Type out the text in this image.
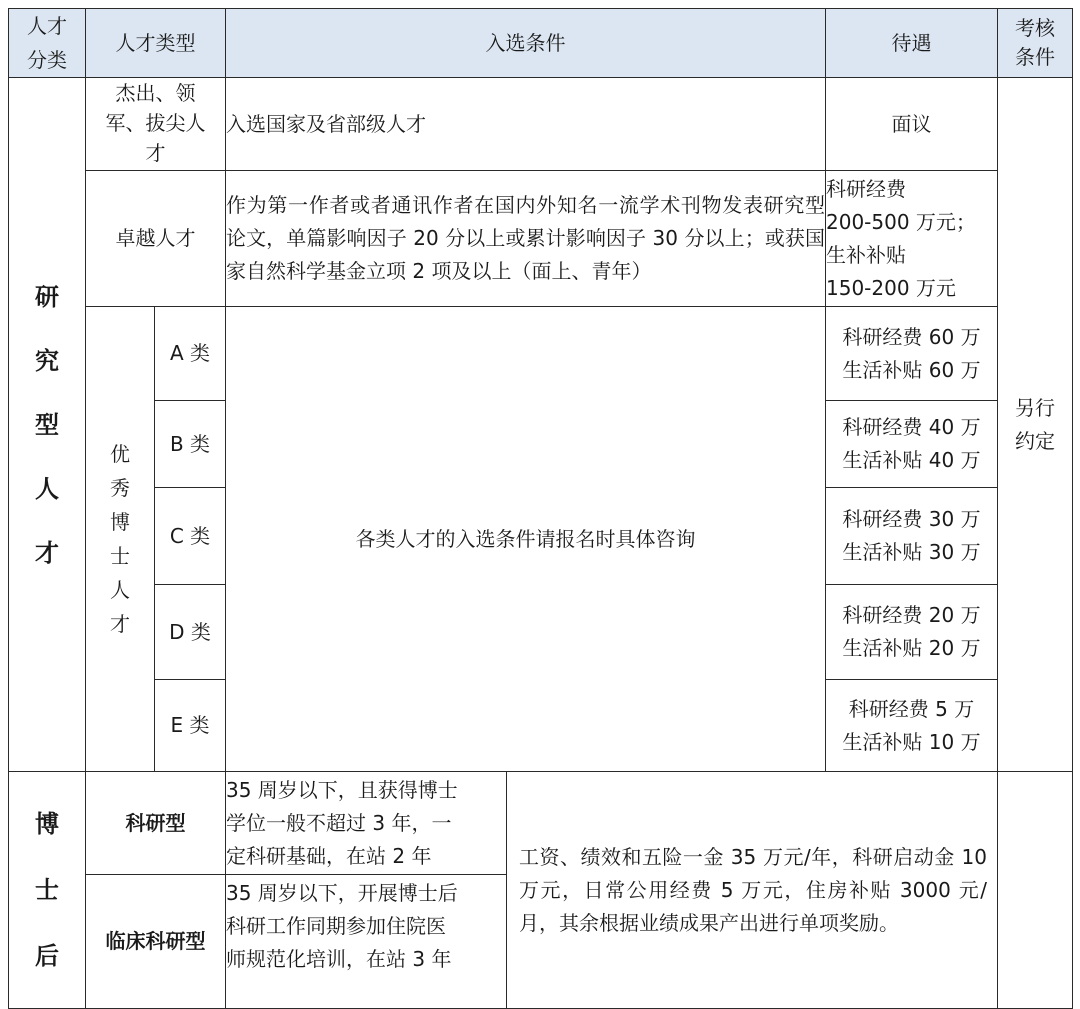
人才分类	人才类型		入选条件		待遇	考核条件
研究型人才	杰出、领军、拔尖人才		入选国家及省部级人才		面议	另行约定
	卓越人才		作为第一作者或者通讯作者在国内外知名一流学术刊物发表研究型论文，单篇影响因子 20 分以上或累计影响因子 30 分以上；或获国家自然科学基金立项 2 项及以上（面上、青年）		科研经费
200-500 万元；
生补补贴
150-200 万元	

	优秀博士人才	A 类	各类人才的入选条件请报名时具体咨询		科研经费 60 万
生活补贴 60 万	

		B 类			科研经费 40 万
生活补贴 40 万	

		C 类			科研经费 30 万
生活补贴 30 万	

		D 类			科研经费 20 万
生活补贴 20 万	

		E 类			科研经费 5 万
生活补贴 10 万	

博士后	科研型		35 周岁以下，且获得博士
学位一般不超过 3 年，一
定科研基础，在站 2 年	工资、绩效和五险一金 35 万元/年，科研启动金 10 万元，日常公用经费 5 万元，住房补贴 3000 元/月，其余根据业绩成果产出进行单项奖励。		
	临床科研型		35 周岁以下，开展博士后
科研工作同期参加住院医
师规范化培训，在站 3 年			
